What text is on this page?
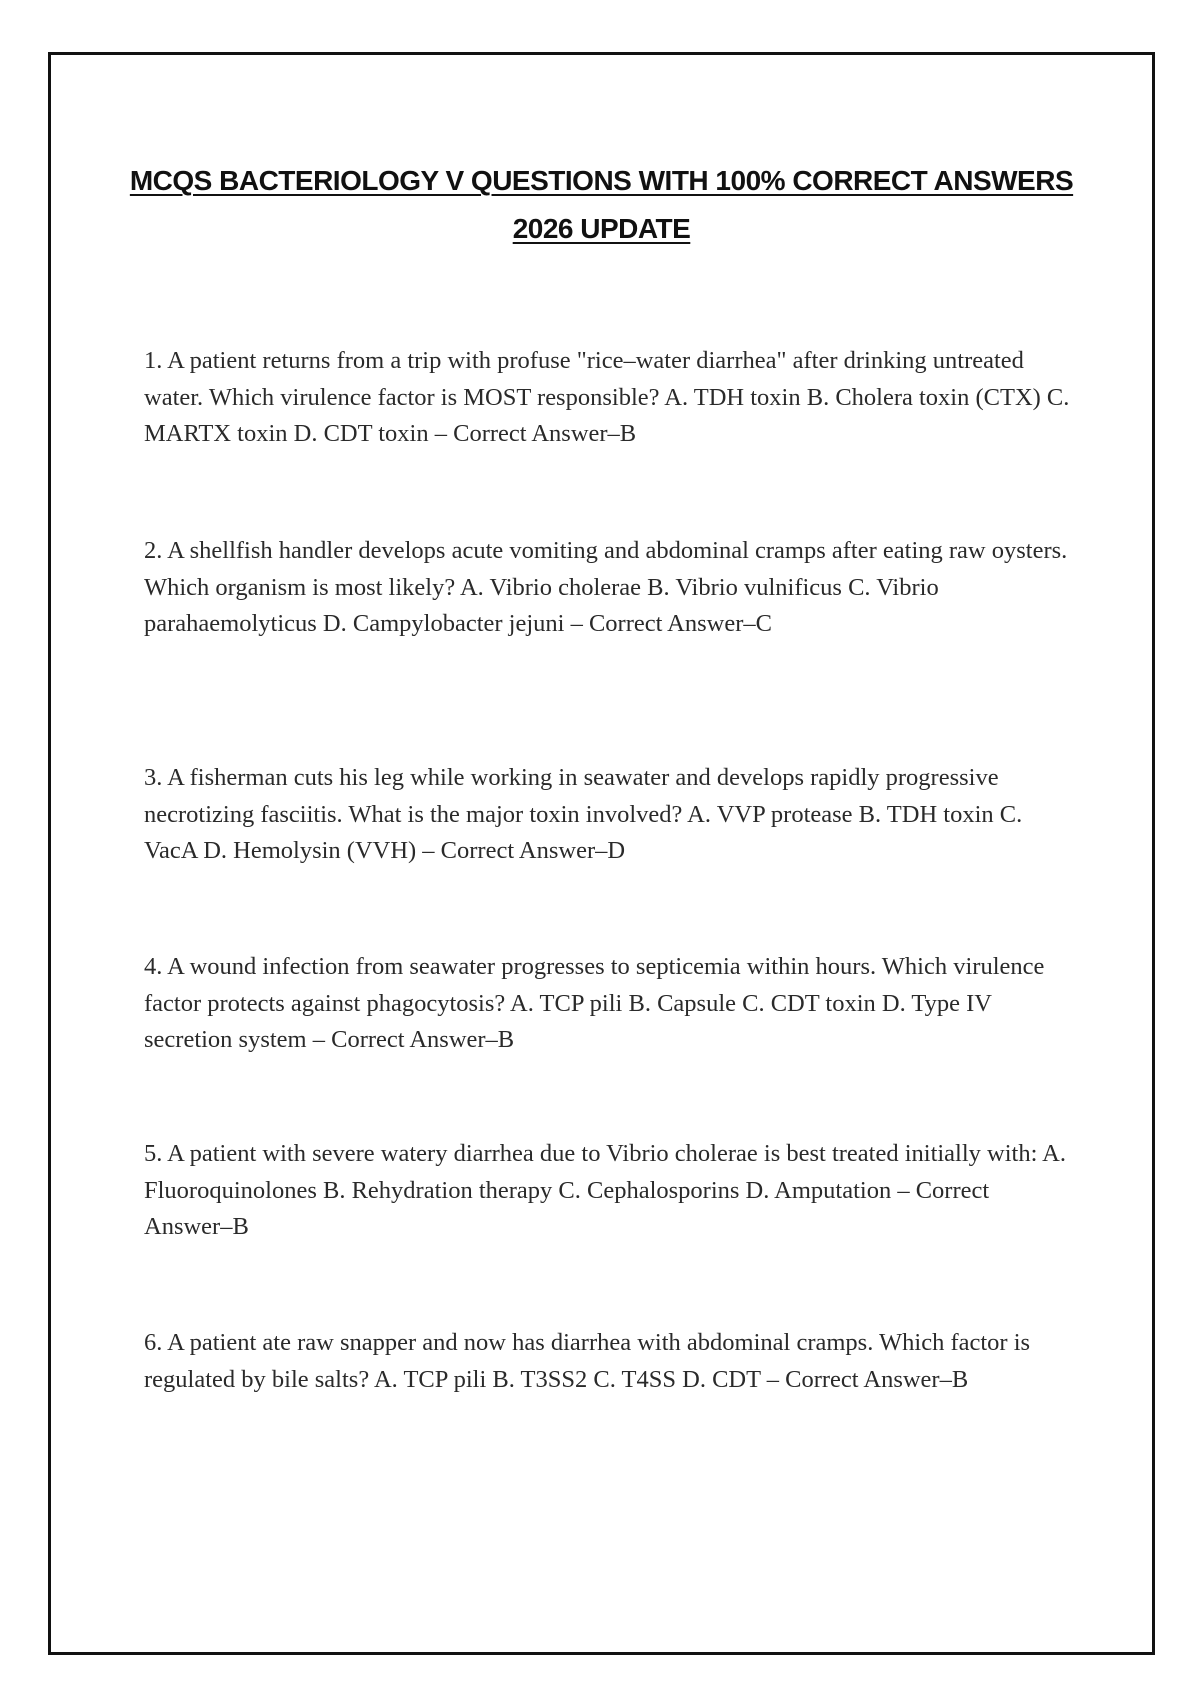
MCQS BACTERIOLOGY V QUESTIONS WITH 100% CORRECT ANSWERS
2026 UPDATE

1. A patient returns from a trip with profuse "rice–water diarrhea" after drinking untreated water. Which virulence factor is MOST responsible? A. TDH toxin B. Cholera toxin (CTX) C. MARTX toxin D. CDT toxin – Correct Answer–B

2. A shellfish handler develops acute vomiting and abdominal cramps after eating raw oysters. Which organism is most likely? A. Vibrio cholerae B. Vibrio vulnificus C. Vibrio parahaemolyticus D. Campylobacter jejuni – Correct Answer–C

3. A fisherman cuts his leg while working in seawater and develops rapidly progressive necrotizing fasciitis. What is the major toxin involved? A. VVP protease B. TDH toxin C. VacA D. Hemolysin (VVH) – Correct Answer–D

4. A wound infection from seawater progresses to septicemia within hours. Which virulence factor protects against phagocytosis? A. TCP pili B. Capsule C. CDT toxin D. Type IV secretion system – Correct Answer–B

5. A patient with severe watery diarrhea due to Vibrio cholerae is best treated initially with: A. Fluoroquinolones B. Rehydration therapy C. Cephalosporins D. Amputation – Correct Answer–B

6. A patient ate raw snapper and now has diarrhea with abdominal cramps. Which factor is regulated by bile salts? A. TCP pili B. T3SS2 C. T4SS D. CDT – Correct Answer–B
